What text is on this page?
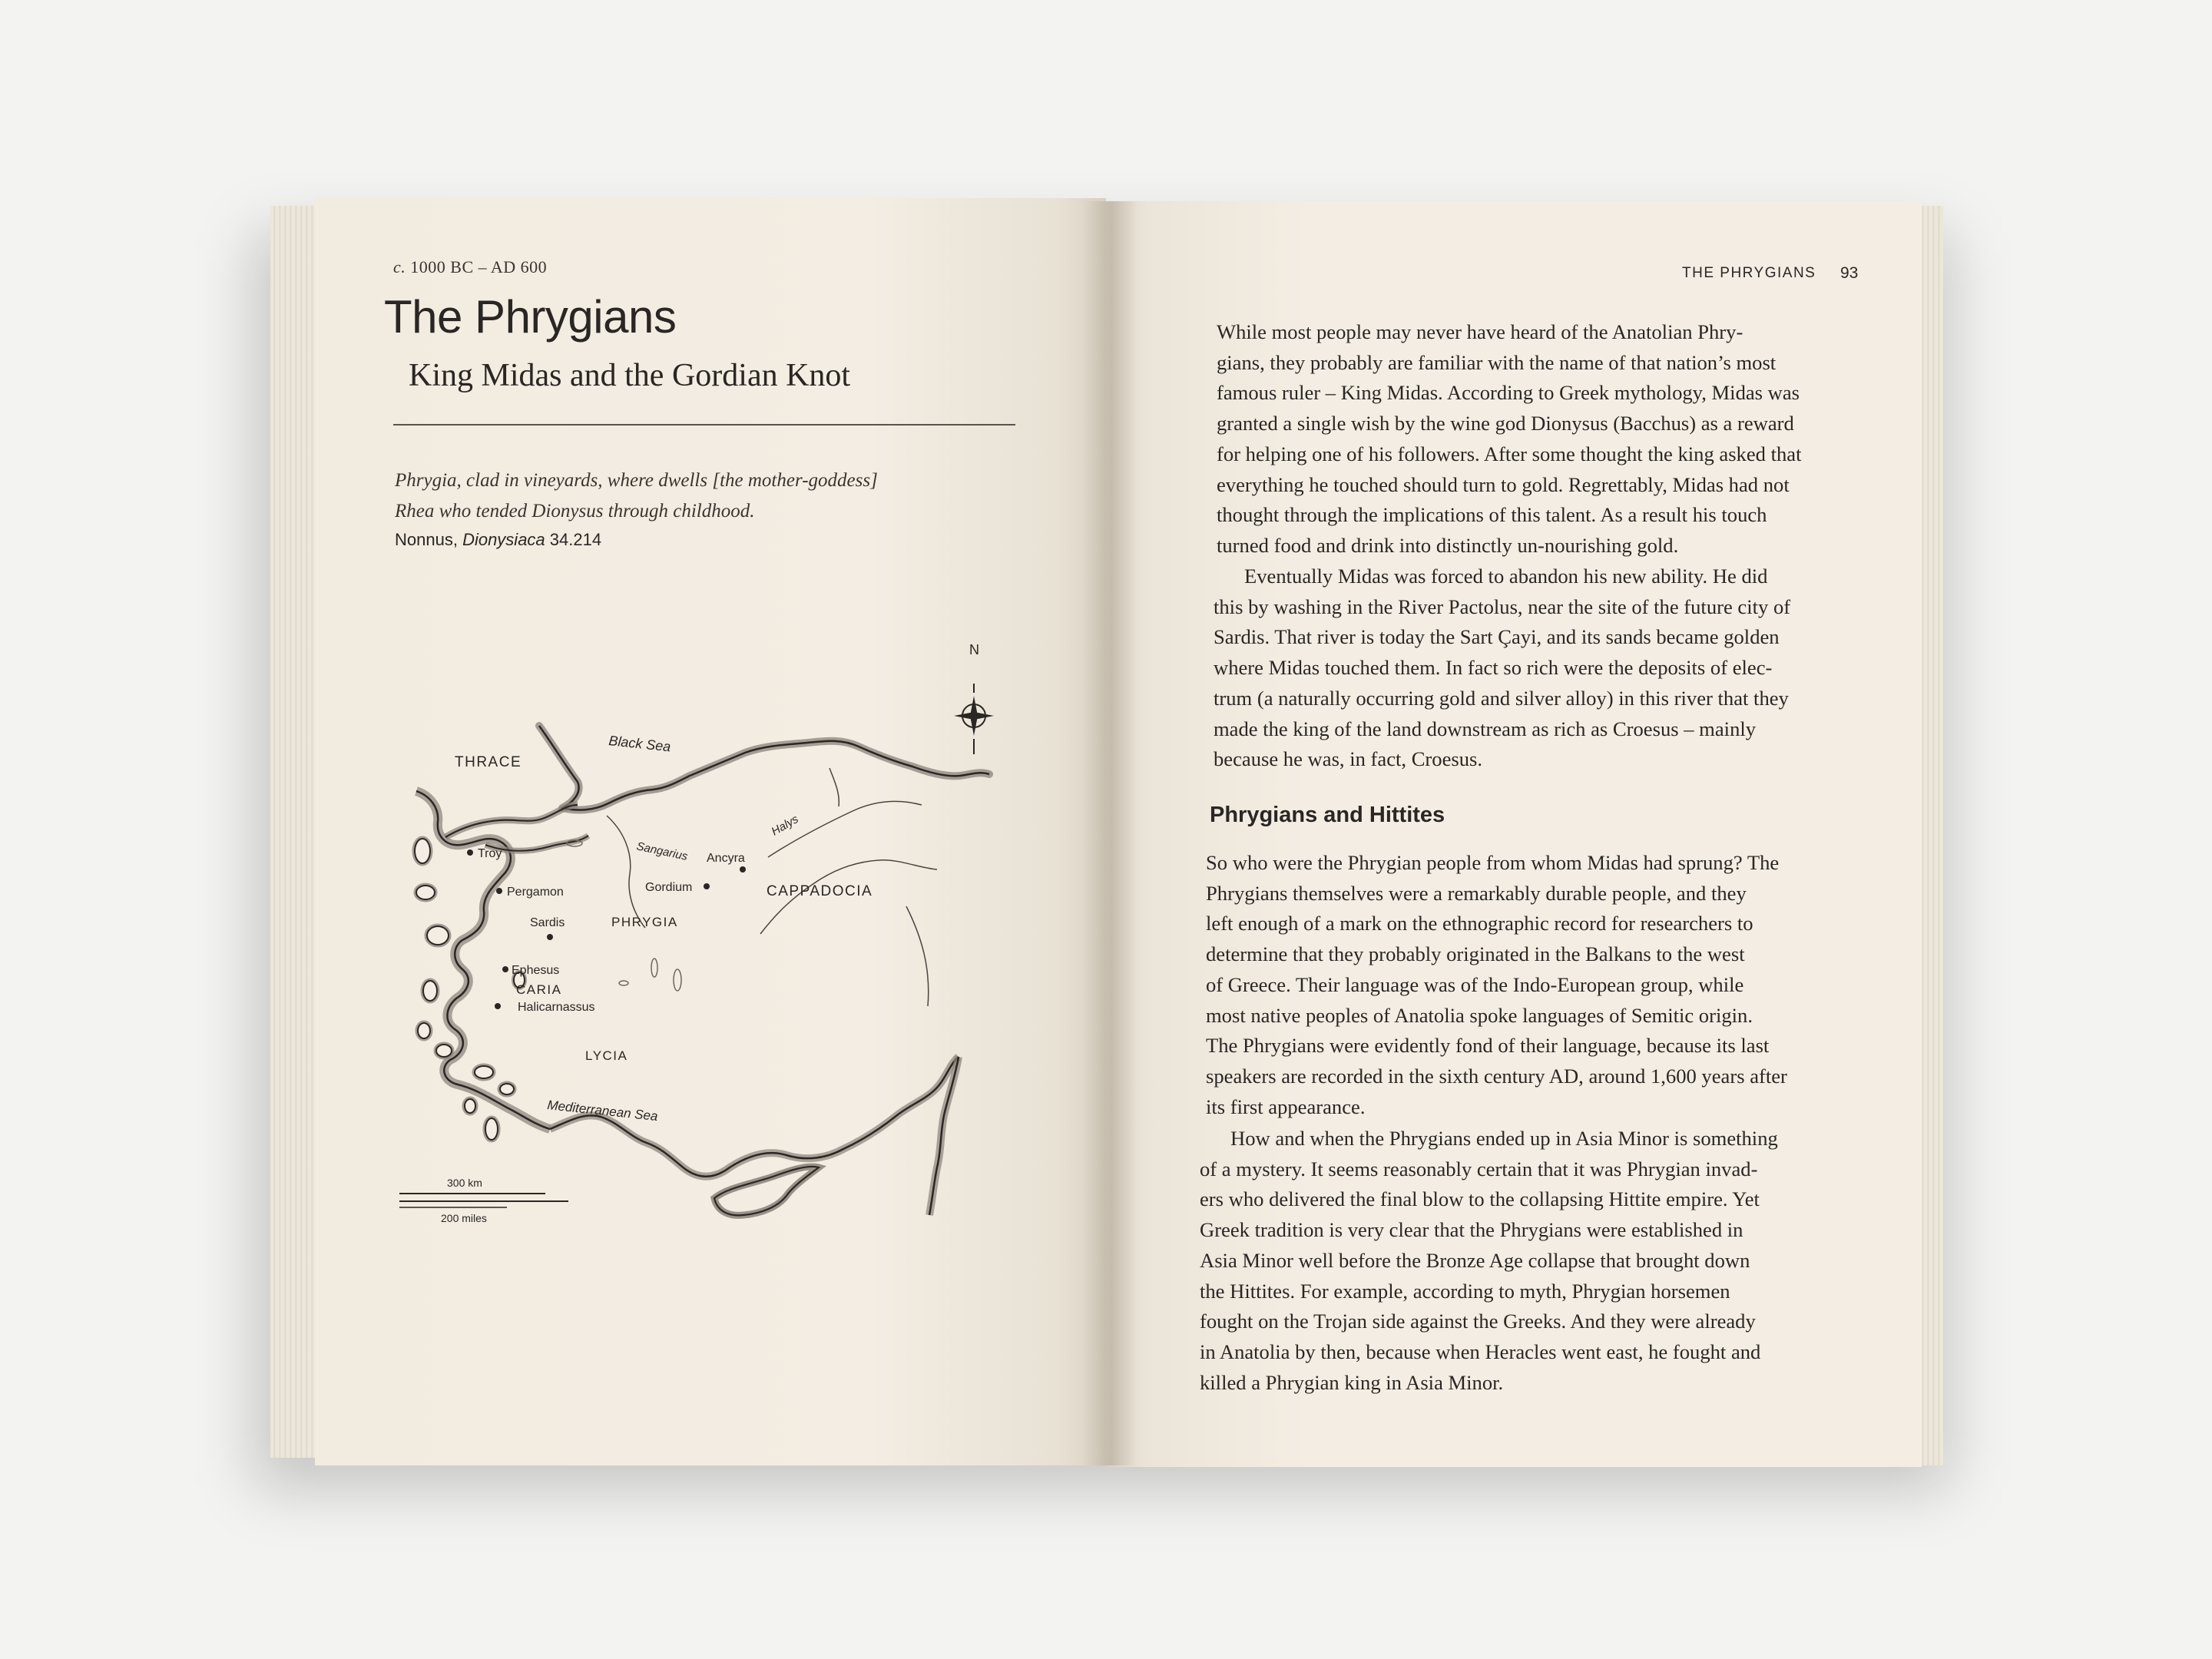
c. 1000 BC – AD 600
The Phrygians
King Midas and the Gordian Knot
Phrygia, clad in vineyards, where dwells [the mother-goddess]
Rhea who tended Dionysus through childhood.
Nonnus, Dionysiaca 34.214
N
Black Sea
Mediterranean Sea
THRACE
PHRYGIA
CAPPADOCIA
CARIA
LYCIA
Sangarius
Halys
Troy
Pergamon
Sardis
Ephesus
Halicarnassus
Gordium
Ancyra
300 km
200 miles
THE PHRYGIANS 93
While most people may never have heard of the Anatolian Phry-
gians, they probably are familiar with the name of that nation’s most
famous ruler – King Midas. According to Greek mythology, Midas was
granted a single wish by the wine god Dionysus (Bacchus) as a reward
for helping one of his followers. After some thought the king asked that
everything he touched should turn to gold. Regrettably, Midas had not
thought through the implications of this talent. As a result his touch
turned food and drink into distinctly un-nourishing gold.
Eventually Midas was forced to abandon his new ability. He did
this by washing in the River Pactolus, near the site of the future city of
Sardis. That river is today the Sart Çayi, and its sands became golden
where Midas touched them. In fact so rich were the deposits of elec-
trum (a naturally occurring gold and silver alloy) in this river that they
made the king of the land downstream as rich as Croesus – mainly
because he was, in fact, Croesus.
Phrygians and Hittites
So who were the Phrygian people from whom Midas had sprung? The
Phrygians themselves were a remarkably durable people, and they
left enough of a mark on the ethnographic record for researchers to
determine that they probably originated in the Balkans to the west
of Greece. Their language was of the Indo-European group, while
most native peoples of Anatolia spoke languages of Semitic origin.
The Phrygians were evidently fond of their language, because its last
speakers are recorded in the sixth century AD, around 1,600 years after
its first appearance.
How and when the Phrygians ended up in Asia Minor is something
of a mystery. It seems reasonably certain that it was Phrygian invad-
ers who delivered the final blow to the collapsing Hittite empire. Yet
Greek tradition is very clear that the Phrygians were established in
Asia Minor well before the Bronze Age collapse that brought down
the Hittites. For example, according to myth, Phrygian horsemen
fought on the Trojan side against the Greeks. And they were already
in Anatolia by then, because when Heracles went east, he fought and
killed a Phrygian king in Asia Minor.
